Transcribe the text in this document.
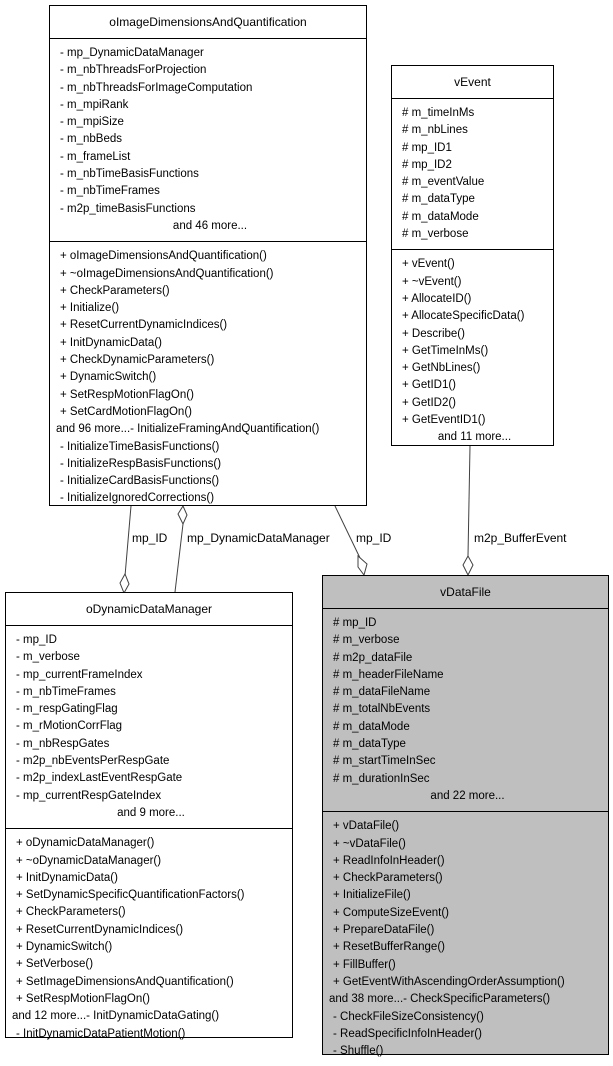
mp_ID mp_DynamicDataManager mp_ID	m2p_BufferEvent
oImageDimensionsAndQuantification
- mp_DynamicDataManager
- m_nbThreadsForProjection
- m_nbThreadsForImageComputation
- m_mpiRank
- m_mpiSize
- m_nbBeds
- m_frameList
- m_nbTimeBasisFunctions
- m_nbTimeFrames
- m2p_timeBasisFunctions
and 46 more...
+ oImageDimensionsAndQuantification()
+ ~oImageDimensionsAndQuantification()
+ CheckParameters()
+ Initialize()
+ ResetCurrentDynamicIndices()
+ InitDynamicData()
+ CheckDynamicParameters()
+ DynamicSwitch()
+ SetRespMotionFlagOn()
+ SetCardMotionFlagOn()
and 96 more...- InitializeFramingAndQuantification()
- InitializeTimeBasisFunctions()
- InitializeRespBasisFunctions()
- InitializeCardBasisFunctions()
- InitializeIgnoredCorrections()
vEvent
# m_timeInMs
# m_nbLines
# mp_ID1
# mp_ID2
# m_eventValue
# m_dataType
# m_dataMode
# m_verbose
+ vEvent()
+ ~vEvent()
+ AllocateID()
+ AllocateSpecificData()
+ Describe()
+ GetTimeInMs()
+ GetNbLines()
+ GetID1()
+ GetID2()
+ GetEventID1()
and 11 more...
oDynamicDataManager
- mp_ID
- m_verbose
- mp_currentFrameIndex
- m_nbTimeFrames
- m_respGatingFlag
- m_rMotionCorrFlag
- m_nbRespGates
- m2p_nbEventsPerRespGate
- m2p_indexLastEventRespGate
- mp_currentRespGateIndex
and 9 more...
+ oDynamicDataManager()
+ ~oDynamicDataManager()
+ InitDynamicData()
+ SetDynamicSpecificQuantificationFactors()
+ CheckParameters()
+ ResetCurrentDynamicIndices()
+ DynamicSwitch()
+ SetVerbose()
+ SetImageDimensionsAndQuantification()
+ SetRespMotionFlagOn()
and 12 more...- InitDynamicDataGating()
- InitDynamicDataPatientMotion()
vDataFile
# mp_ID
# m_verbose
# m2p_dataFile
# m_headerFileName
# m_dataFileName
# m_totalNbEvents
# m_dataMode
# m_dataType
# m_startTimeInSec
# m_durationInSec
and 22 more...
+ vDataFile()
+ ~vDataFile()
+ ReadInfoInHeader()
+ CheckParameters()
+ InitializeFile()
+ ComputeSizeEvent()
+ PrepareDataFile()
+ ResetBufferRange()
+ FillBuffer()
+ GetEventWithAscendingOrderAssumption()
and 38 more...- CheckSpecificParameters()
- CheckFileSizeConsistency()
- ReadSpecificInfoInHeader()
- Shuffle()
